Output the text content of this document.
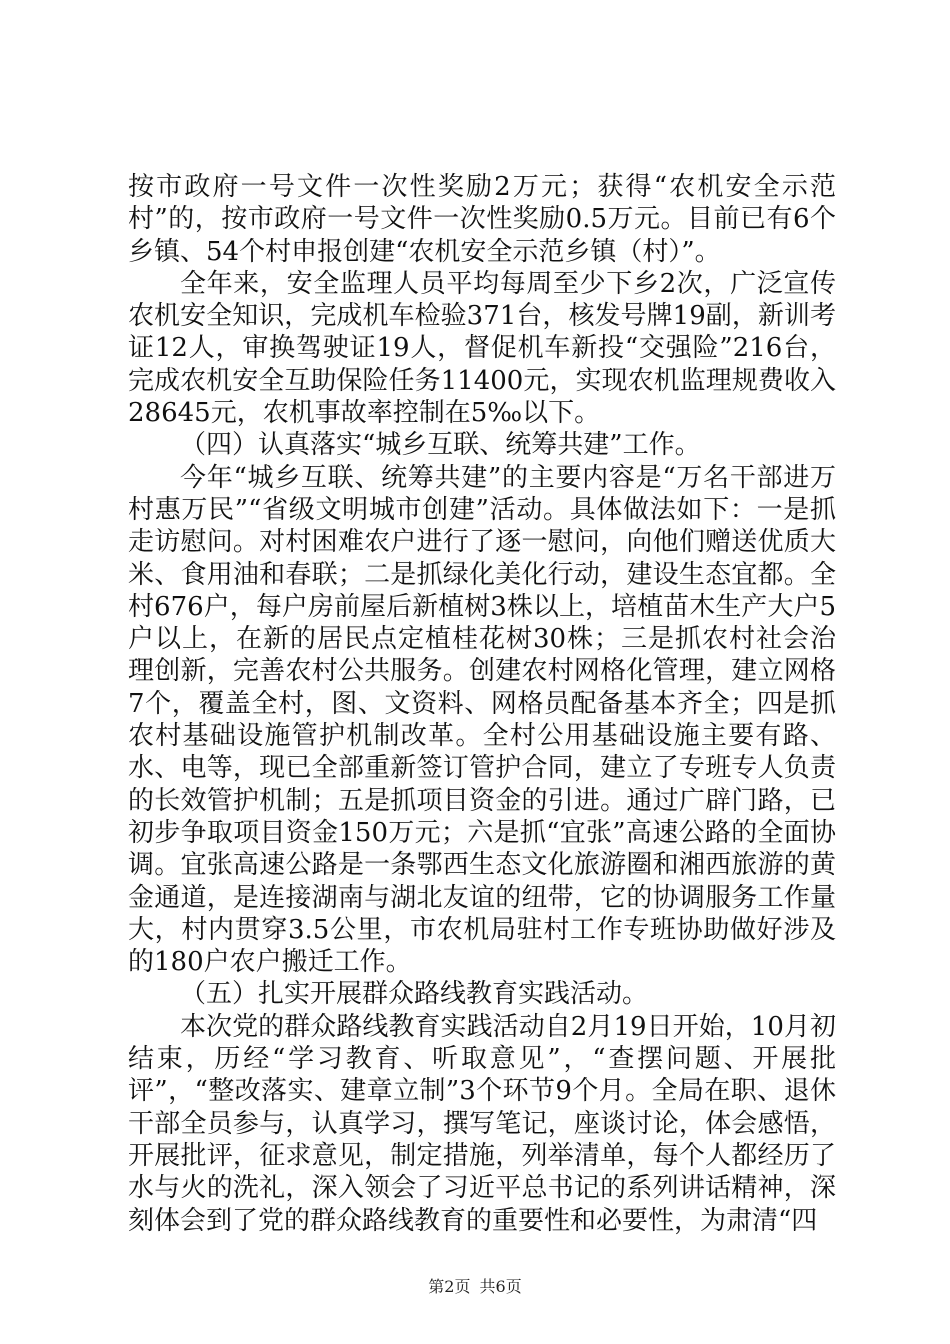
按市政府一号文件一次性奖励2万元；获得“农机安全示范村”的，按市政府一号文件一次性奖励0.5万元。目前已有6个乡镇、54个村申报创建“农机安全示范乡镇（村）”。

全年来，安全监理人员平均每周至少下乡2次，广泛宣传农机安全知识，完成机车检验371台，核发号牌19副，新训考证12人，审换驾驶证19人，督促机车新投“交强险”216台，完成农机安全互助保险任务11400元，实现农机监理规费收入28645元，农机事故率控制在5‰以下。

（四）认真落实“城乡互联、统筹共建”工作。

今年“城乡互联、统筹共建”的主要内容是“万名干部进万村惠万民”“省级文明城市创建”活动。具体做法如下：一是抓走访慰问。对村困难农户进行了逐一慰问，向他们赠送优质大米、食用油和春联；二是抓绿化美化行动，建设生态宜都。全村676户，每户房前屋后新植树3株以上，培植苗木生产大户5户以上，在新的居民点定植桂花树30株；三是抓农村社会治理创新，完善农村公共服务。创建农村网格化管理，建立网格7个，覆盖全村，图、文资料、网格员配备基本齐全；四是抓农村基础设施管护机制改革。全村公用基础设施主要有路、水、电等，现已全部重新签订管护合同，建立了专班专人负责的长效管护机制；五是抓项目资金的引进。通过广辟门路，已初步争取项目资金150万元；六是抓“宜张”高速公路的全面协调。宜张高速公路是一条鄂西生态文化旅游圈和湘西旅游的黄金通道，是连接湖南与湖北友谊的纽带，它的协调服务工作量大，村内贯穿3.5公里，市农机局驻村工作专班协助做好涉及的180户农户搬迁工作。

（五）扎实开展群众路线教育实践活动。

本次党的群众路线教育实践活动自2月19日开始，10月初结束，历经“学习教育、听取意见”，“查摆问题、开展批评”，“整改落实、建章立制”3个环节9个月。全局在职、退休干部全员参与，认真学习，撰写笔记，座谈讨论，体会感悟，开展批评，征求意见，制定措施，列举清单，每个人都经历了水与火的洗礼，深入领会了习近平总书记的系列讲话精神，深刻体会到了党的群众路线教育的重要性和必要性，为肃清“四

第2页 共6页
